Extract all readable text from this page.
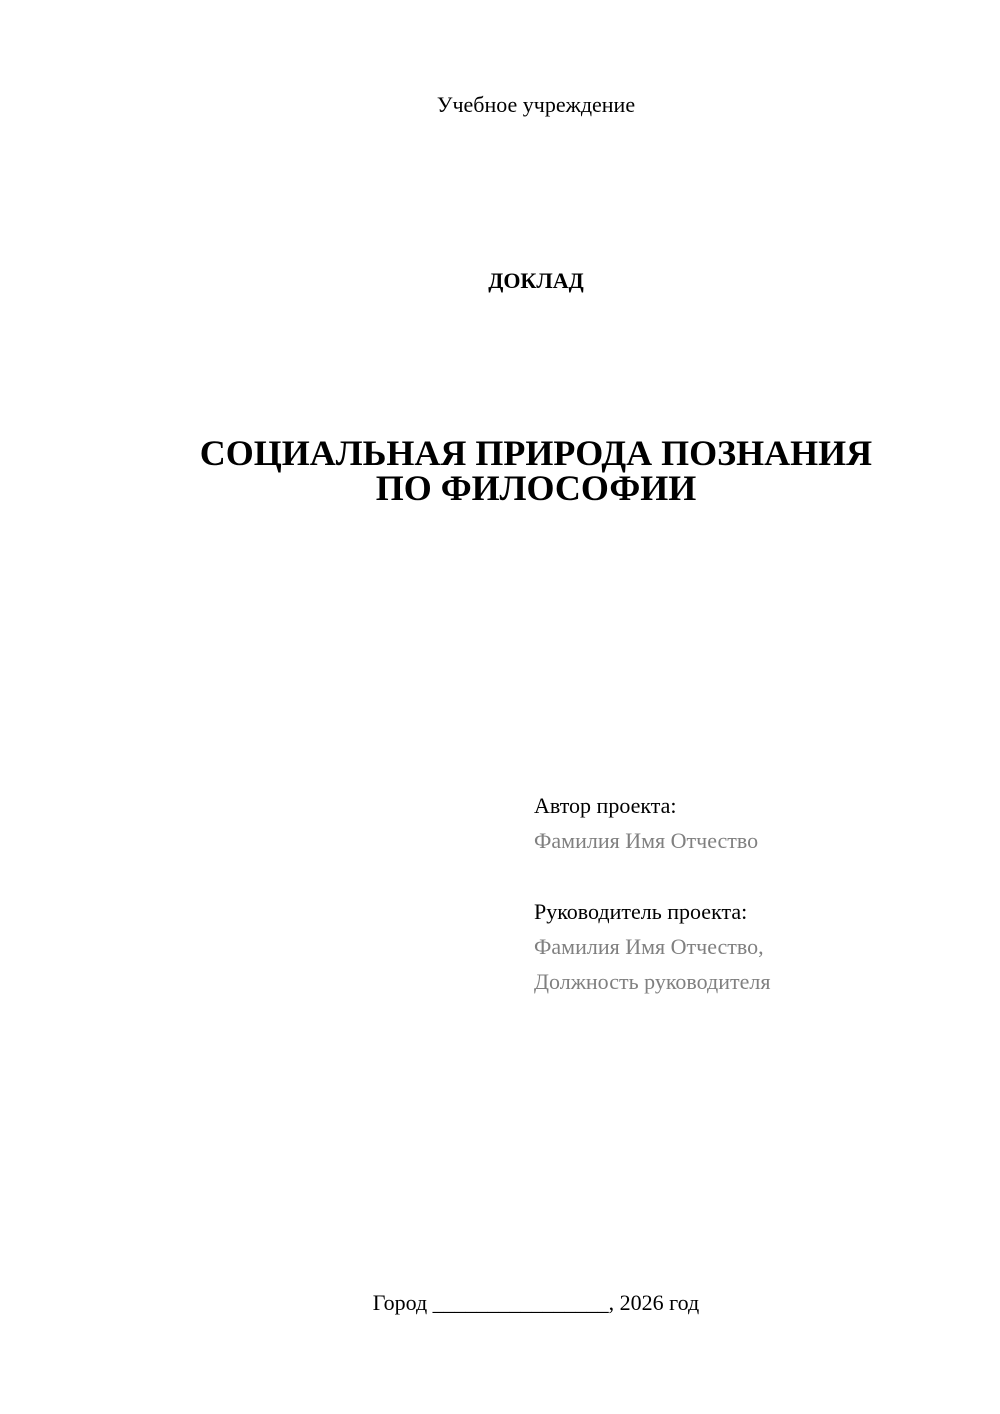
Учебное учреждение
ДОКЛАД
СОЦИАЛЬНАЯ ПРИРОДА ПОЗНАНИЯ
ПО ФИЛОСОФИИ
Автор проекта:
Фамилия Имя Отчество
Руководитель проекта:
Фамилия Имя Отчество,
Должность руководителя
Город ________________, 2026 год
